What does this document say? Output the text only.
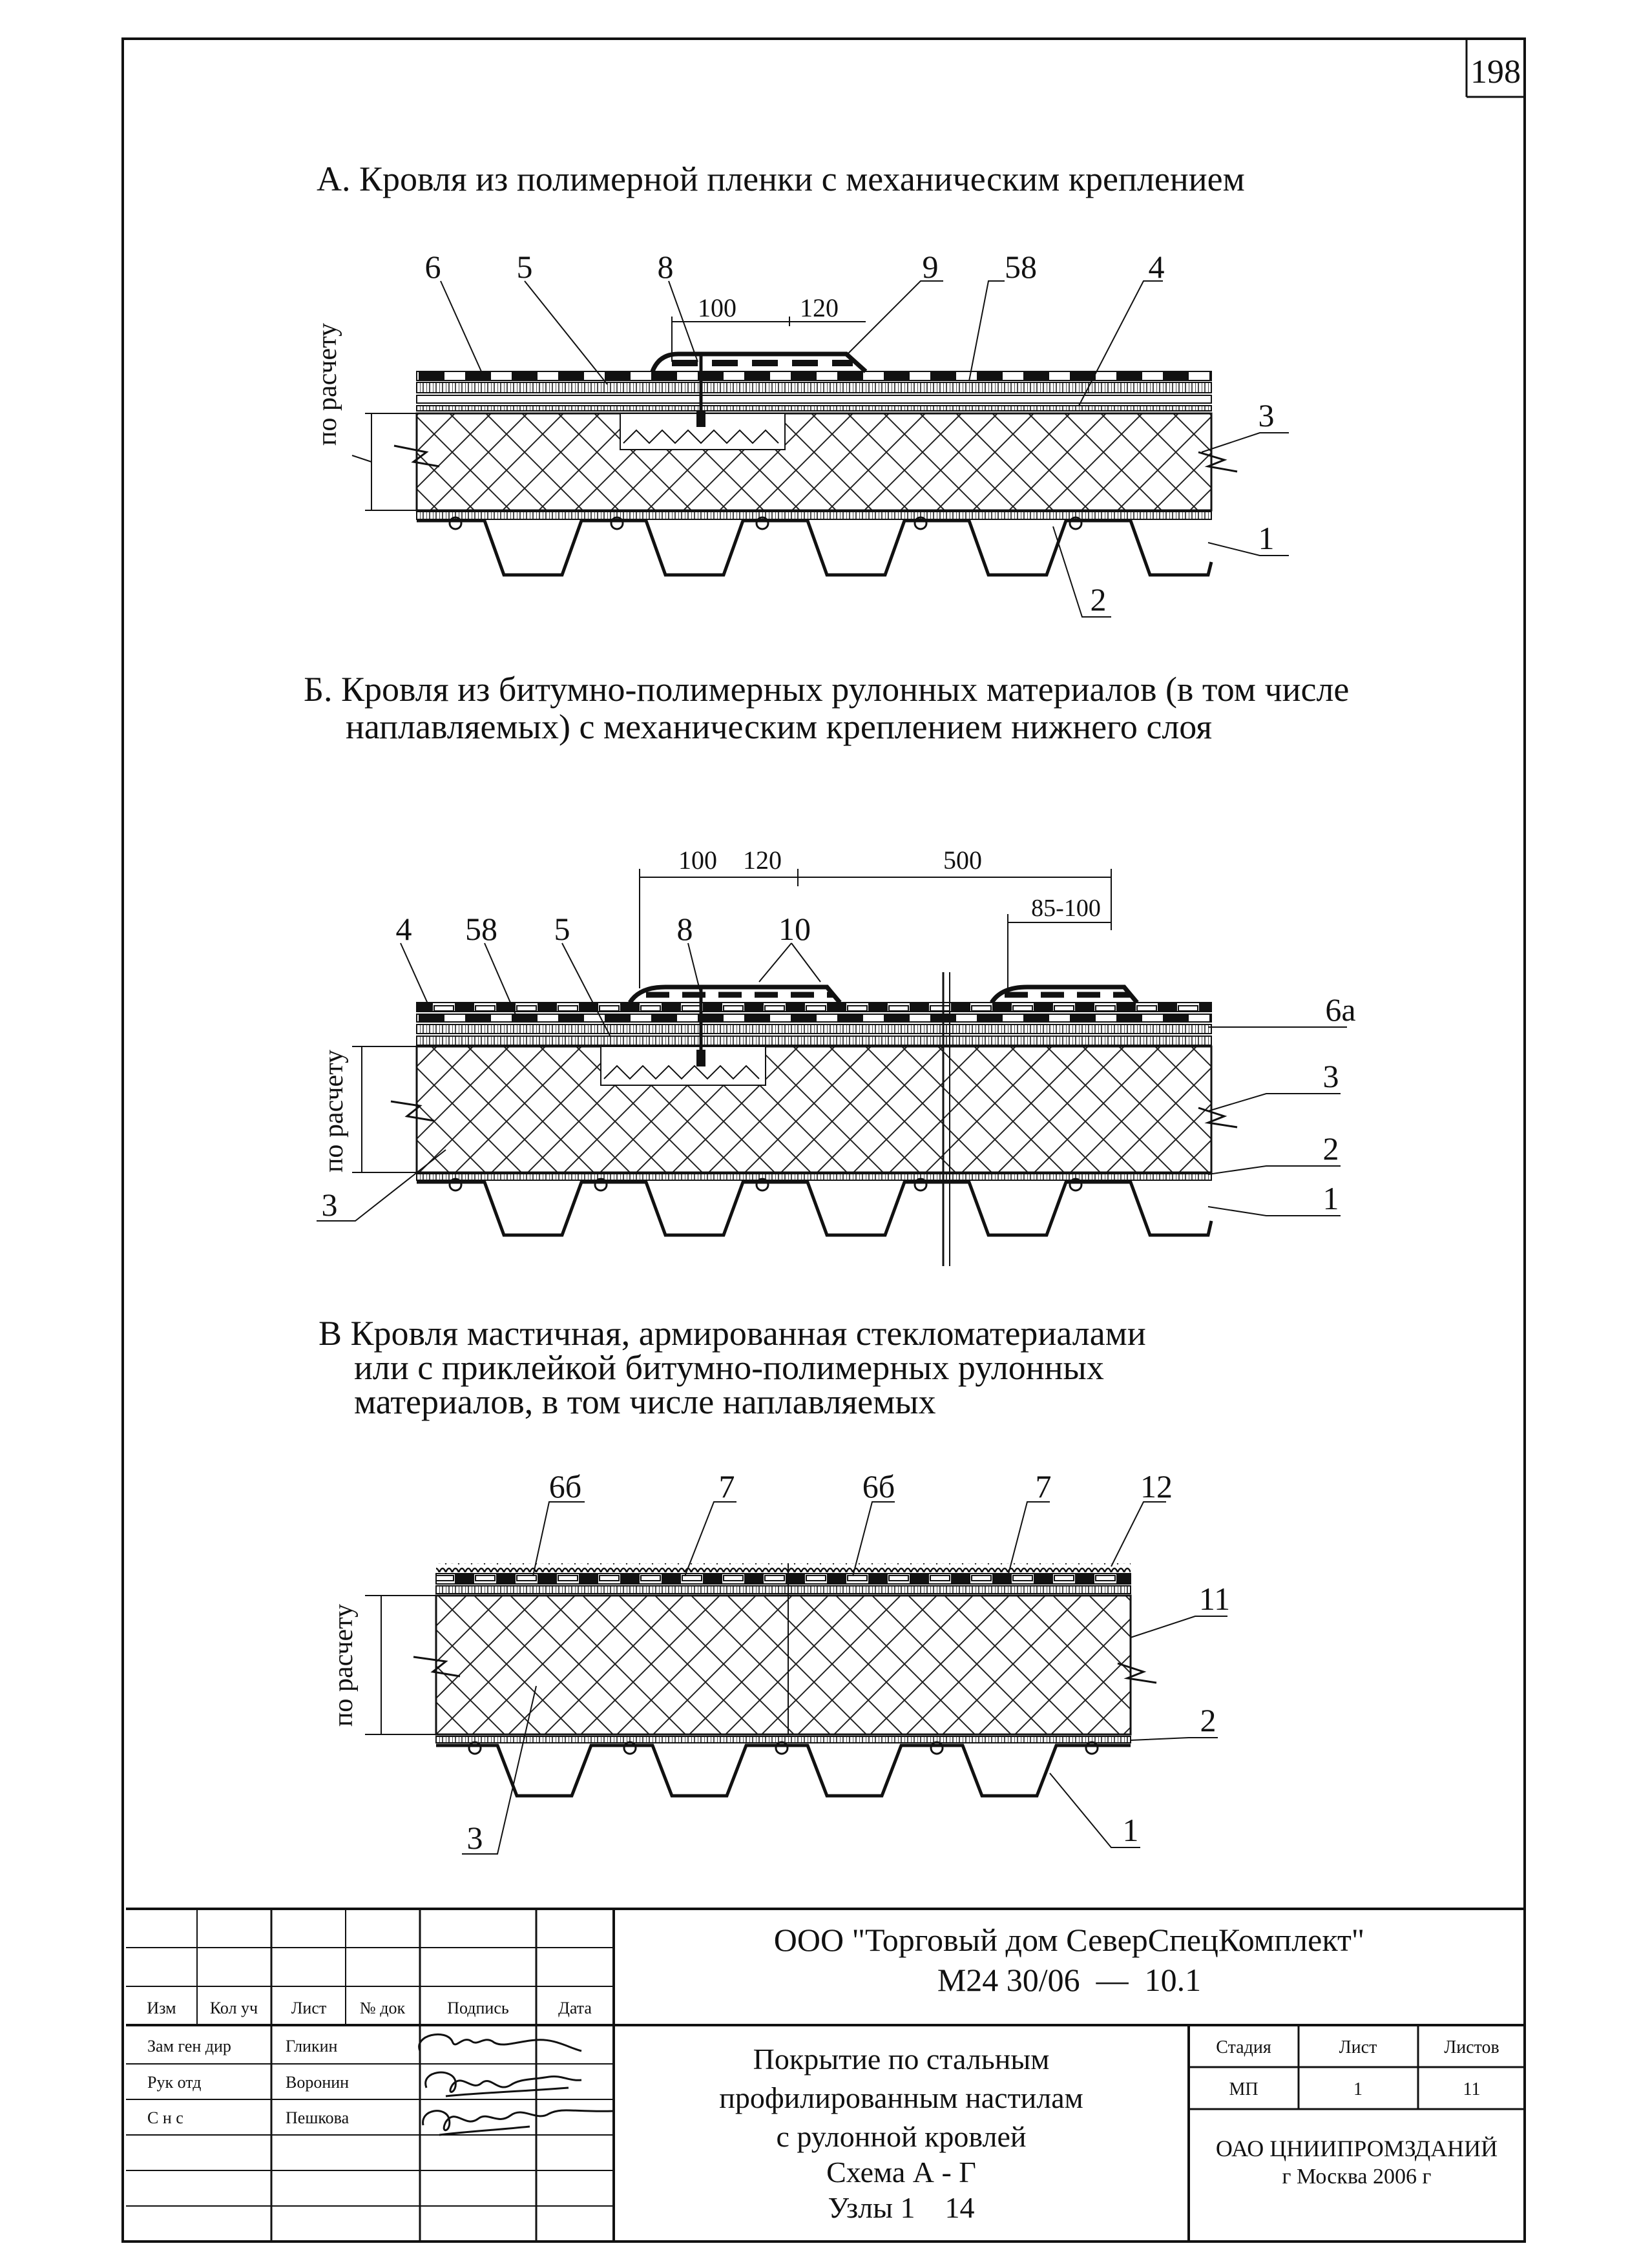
198
А. Кровля из полимерной пленки с механическим креплением
100 120
6 5	8	9 58	4
3
1
2
по расчету
Б. Кровля из битумно-полимерных рулонных материалов (в том числе
наплавляемых) с механическим креплением нижнего слоя
100 120	500
85-100
4 58 5	8	10
6а
3
2
1
3
по расчету
В Кровля мастичная, армированная стекломатериалами
или с приклейкой битумно-полимерных рулонных
материалов, в том числе наплавляемых
6б	7	6б	7	12
11
2
1
3
по расчету
ООО "Торговый дом СеверСпецКомплект"
М24 30/06  —  10.1
Изм Кол уч Лист № док	Подпись	Дата
Зам ген дир	Гликин
Рук отд	Воронин
С н с	Пешкова
Покрытие по стальным
профилированным настилам
с рулонной кровлей
Схема А - Г
Узлы 1    14
Стадия	Лист	Листов
МП	1	11
ОАО ЦНИИПРОМЗДАНИЙ
г Москва 2006 г
